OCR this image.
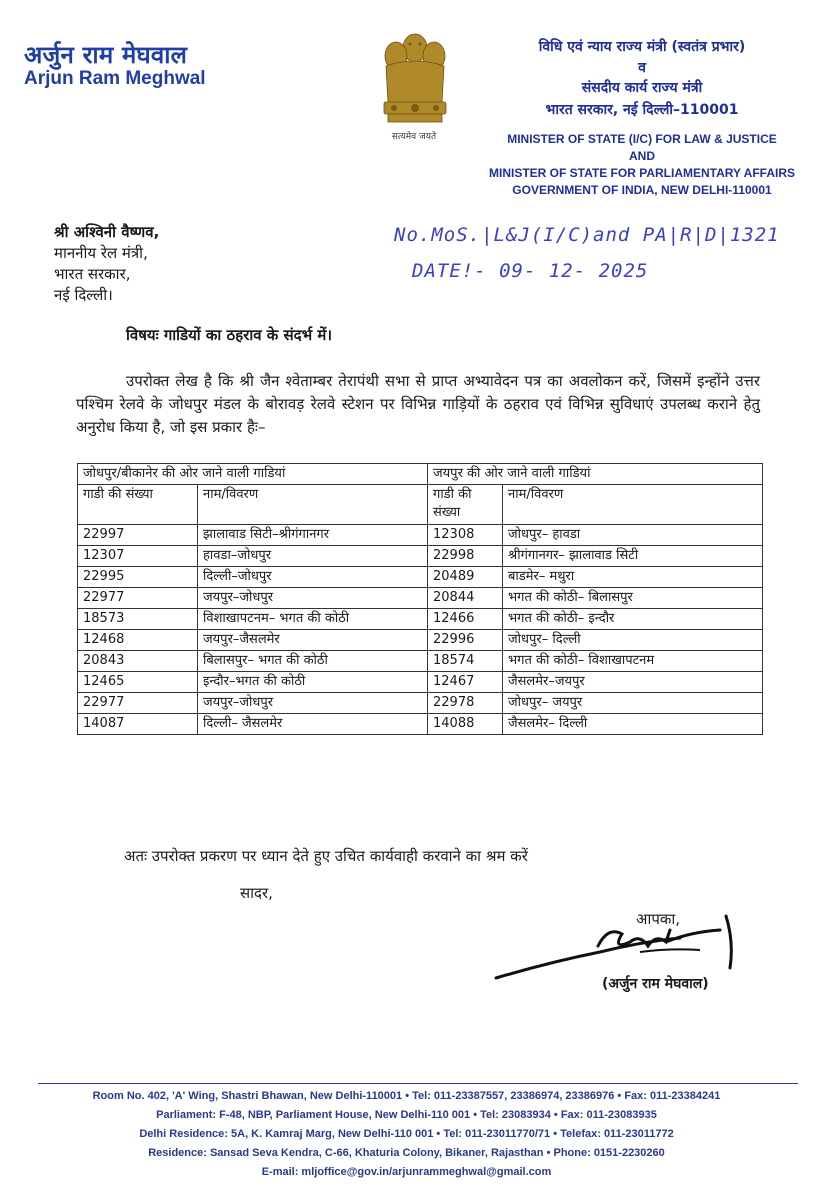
अर्जुन राम मेघवाल
Arjun Ram Meghwal
सत्यमेव जयते
विधि एवं न्याय राज्य मंत्री (स्वतंत्र प्रभार)
व
संसदीय कार्य राज्य मंत्री
भारत सरकार, नई दिल्ली–110001
MINISTER OF STATE (I/C) FOR LAW & JUSTICE
AND
MINISTER OF STATE FOR PARLIAMENTARY AFFAIRS
GOVERNMENT OF INDIA, NEW DELHI-110001
श्री अश्विनी वैष्णव,
माननीय रेल मंत्री,
भारत सरकार,
नई दिल्ली।
No.MoS.|L&J(I/C)and PA|R|D|1321
DATE!- 09- 12- 2025
विषयः गाडियों का ठहराव के संदर्भ में।
उपरोक्त लेख है कि श्री जैन श्वेताम्बर तेरापंथी सभा से प्राप्त अभ्यावेदन पत्र का अवलोकन करें, जिसमें इन्होंने उत्तर पश्चिम रेलवे के जोधपुर मंडल के बोरावड़ रेलवे स्टेशन पर विभिन्न गाड़ियों के ठहराव एवं विभिन्न सुविधाएं उपलब्ध कराने हेतु अनुरोध किया है, जो इस प्रकार हैः–
जोधपुर/बीकानेर की ओर जाने वाली गाडियां		जयपुर की ओर जाने वाली गाडियां	
गाडी की संख्या	नाम/विवरण	गाडी की संख्या	नाम/विवरण
22997	झालावाड सिटी–श्रीगंगानगर	12308	जोधपुर– हावडा
12307	हावडा–जोधपुर	22998	श्रीगंगानगर– झालावाड सिटी
22995	दिल्ली–जोधपुर	20489	बाडमेर– मथुरा
22977	जयपुर–जोधपुर	20844	भगत की कोठी– बिलासपुर
18573	विशाखापटनम– भगत की कोठी	12466	भगत की कोठी– इन्दौर
12468	जयपुर–जैसलमेर	22996	जोधपुर– दिल्ली
20843	बिलासपुर– भगत की कोठी	18574	भगत की कोठी– विशाखापटनम
12465	इन्दौर–भगत की कोठी	12467	जैसलमेर–जयपुर
22977	जयपुर–जोधपुर	22978	जोधपुर– जयपुर
14087	दिल्ली– जैसलमेर	14088	जैसलमेर– दिल्ली
अतः उपरोक्त प्रकरण पर ध्यान देते हुए उचित कार्यवाही करवाने का श्रम करें
सादर,
आपका,
(अर्जुन राम मेघवाल)
Room No. 402, 'A' Wing, Shastri Bhawan, New Delhi-110001 • Tel: 011-23387557, 23386974, 23386976 • Fax: 011-23384241
Parliament: F-48, NBP, Parliament House, New Delhi-110 001 • Tel: 23083934 • Fax: 011-23083935
Delhi Residence: 5A, K. Kamraj Marg, New Delhi-110 001 • Tel: 011-23011770/71 • Telefax: 011-23011772
Residence: Sansad Seva Kendra, C-66, Khaturia Colony, Bikaner, Rajasthan • Phone: 0151-2230260
E-mail: mljoffice@gov.in/arjunrammeghwal@gmail.com
